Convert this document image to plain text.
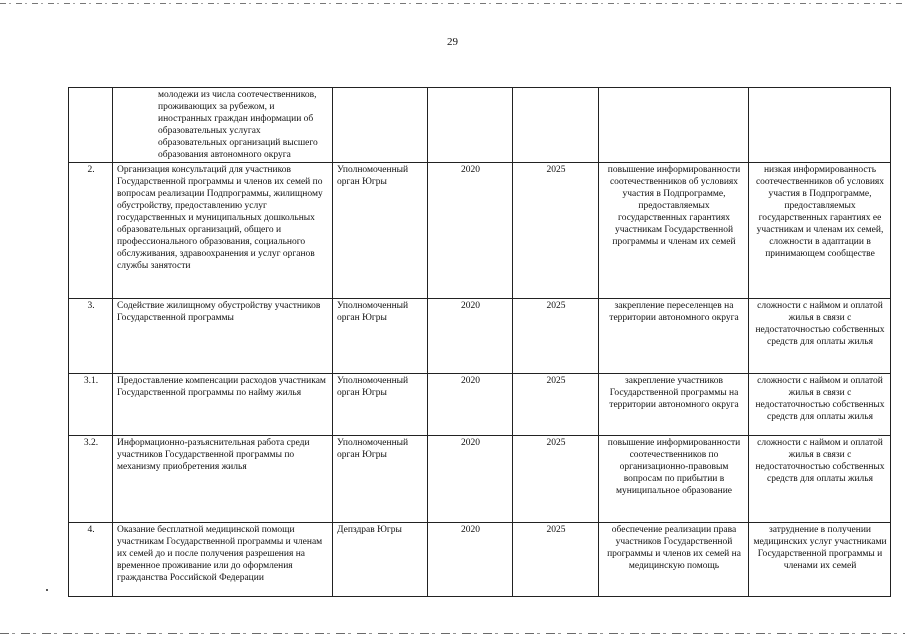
29
	молодежи из числа соотечественников, проживающих за рубежом, и иностранных граждан информации об образовательных услугах образовательных организаций высшего образования автономного округа					
2.	Организация консультаций для участников Государственной программы и членов их семей по вопросам реализации Подпрограммы, жилищному обустройству, предоставлению услуг государственных и муниципальных дошкольных образовательных организаций, общего и профессионального образования, социального обслуживания, здравоохранения и услуг органов службы занятости	Уполномоченный орган Югры	2020	2025	повышение информированности соотечественников об условиях участия в Подпрограмме, предоставляемых государственных гарантиях участникам Государственной программы и членам их семей	низкая информированность соотечественников об условиях участия в Подпрограмме, предоставляемых государственных гарантиях ее участникам и членам их семей, сложности в адаптации в принимающем сообществе
3.	Содействие жилищному обустройству участников Государственной программы	Уполномоченный орган Югры	2020	2025	закрепление переселенцев на территории автономного округа	сложности с наймом и оплатой жилья в связи с недостаточностью собственных средств для оплаты жилья
3.1.	Предоставление компенсации расходов участникам Государственной программы по найму жилья	Уполномоченный орган Югры	2020	2025	закрепление участников Государственной программы на территории автономного округа	сложности с наймом и оплатой жилья в связи с недостаточностью собственных средств для оплаты жилья
3.2.	Информационно-разъяснительная работа среди участников Государственной программы по механизму приобретения жилья	Уполномоченный орган Югры	2020	2025	повышение информированности соотечественников по организационно-правовым вопросам по прибытии в муниципальное образование	сложности с наймом и оплатой жилья в связи с недостаточностью собственных средств для оплаты жилья
4.	Оказание бесплатной медицинской помощи участникам Государственной программы и членам их семей до и после получения разрешения на временное проживание или до оформления гражданства Российской Федерации	Депздрав Югры	2020	2025	обеспечение реализации права участников Государственной программы и членов их семей на медицинскую помощь	затруднение в получении медицинских услуг участниками Государственной программы и членами их семей
